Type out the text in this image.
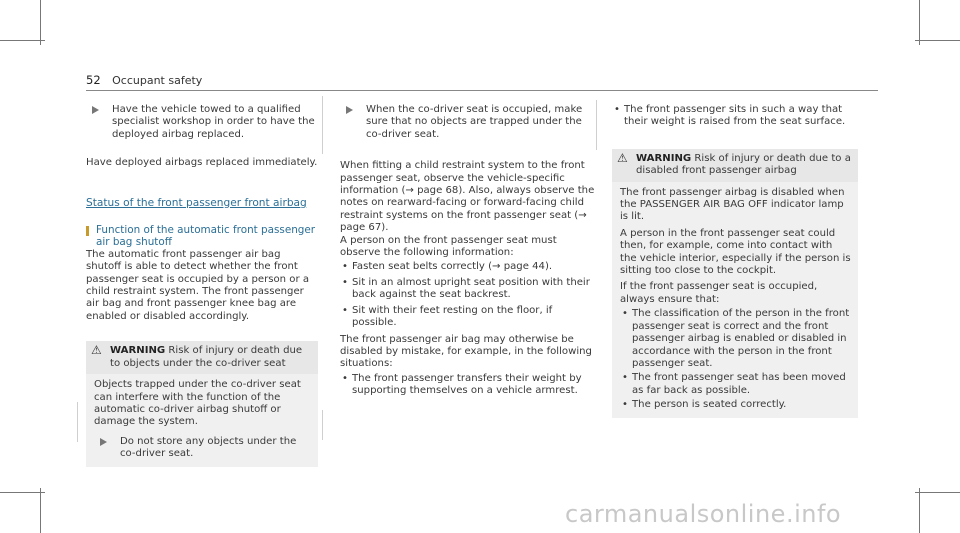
52 Occupant safety

Have the vehicle towed to a qualified specialist workshop in order to have the deployed airbag replaced.

Have deployed airbags replaced immediately.

Status of the front passenger front airbag

Function of the automatic front passenger air bag shutoff

The automatic front passenger air bag shutoff is able to detect whether the front passenger seat is occupied by a person or a child restraint system. The front passenger air bag and front passenger knee bag are enabled or disabled accordingly.

⚠ WARNING Risk of injury or death due to objects under the co-driver seat

Objects trapped under the co-driver seat can interfere with the function of the automatic co-driver airbag shutoff or damage the system.

Do not store any objects under the co-driver seat.

When the co-driver seat is occupied, make sure that no objects are trapped under the co-driver seat.

When fitting a child restraint system to the front passenger seat, observe the vehicle-specific information (→ page 68). Also, always observe the notes on rearward-facing or forward-facing child restraint systems on the front passenger seat (→ page 67).

A person on the front passenger seat must observe the following information:

• Fasten seat belts correctly (→ page 44).
• Sit in an almost upright seat position with their back against the seat backrest.
• Sit with their feet resting on the floor, if possible.

The front passenger air bag may otherwise be disabled by mistake, for example, in the following situations:

• The front passenger transfers their weight by supporting themselves on a vehicle armrest.
• The front passenger sits in such a way that their weight is raised from the seat surface.
⚠ WARNING Risk of injury or death due to a disabled front passenger airbag

The front passenger airbag is disabled when the PASSENGER AIR BAG OFF indicator lamp is lit.

A person in the front passenger seat could then, for example, come into contact with the vehicle interior, especially if the person is sitting too close to the cockpit.

If the front passenger seat is occupied, always ensure that:

• The classification of the person in the front passenger seat is correct and the front passenger airbag is enabled or disabled in accordance with the person in the front passenger seat.
• The front passenger seat has been moved as far back as possible.
• The person is seated correctly.
carmanualsonline.info
